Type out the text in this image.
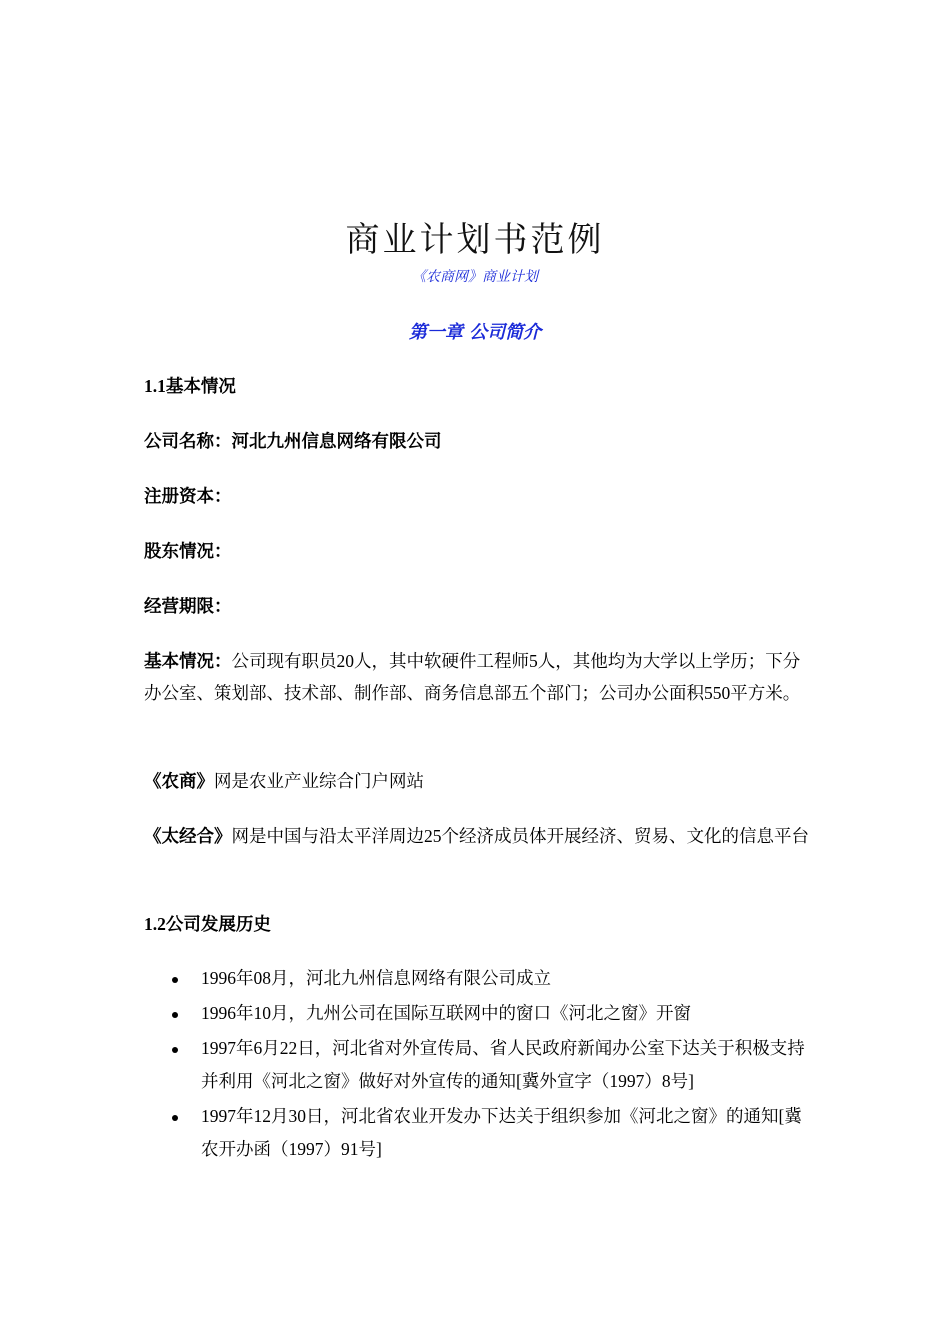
商业计划书范例
《农商网》商业计划
第一章 公司简介
1.1基本情况
公司名称：河北九州信息网络有限公司
注册资本：
股东情况：
经营期限：
基本情况：公司现有职员20人，其中软硬件工程师5人，其他均为大学以上学历；下分办公室、策划部、技术部、制作部、商务信息部五个部门；公司办公面积550平方米。
《农商》网是农业产业综合门户网站
《太经合》网是中国与沿太平洋周边25个经济成员体开展经济、贸易、文化的信息平台
1.2公司发展历史
1996年08月，河北九州信息网络有限公司成立
1996年10月，九州公司在国际互联网中的窗口《河北之窗》开窗
1997年6月22日，河北省对外宣传局、省人民政府新闻办公室下达关于积极支持并利用《河北之窗》做好对外宣传的通知[冀外宣字（1997）8号]
1997年12月30日，河北省农业开发办下达关于组织参加《河北之窗》的通知[冀农开办函（1997）91号]
